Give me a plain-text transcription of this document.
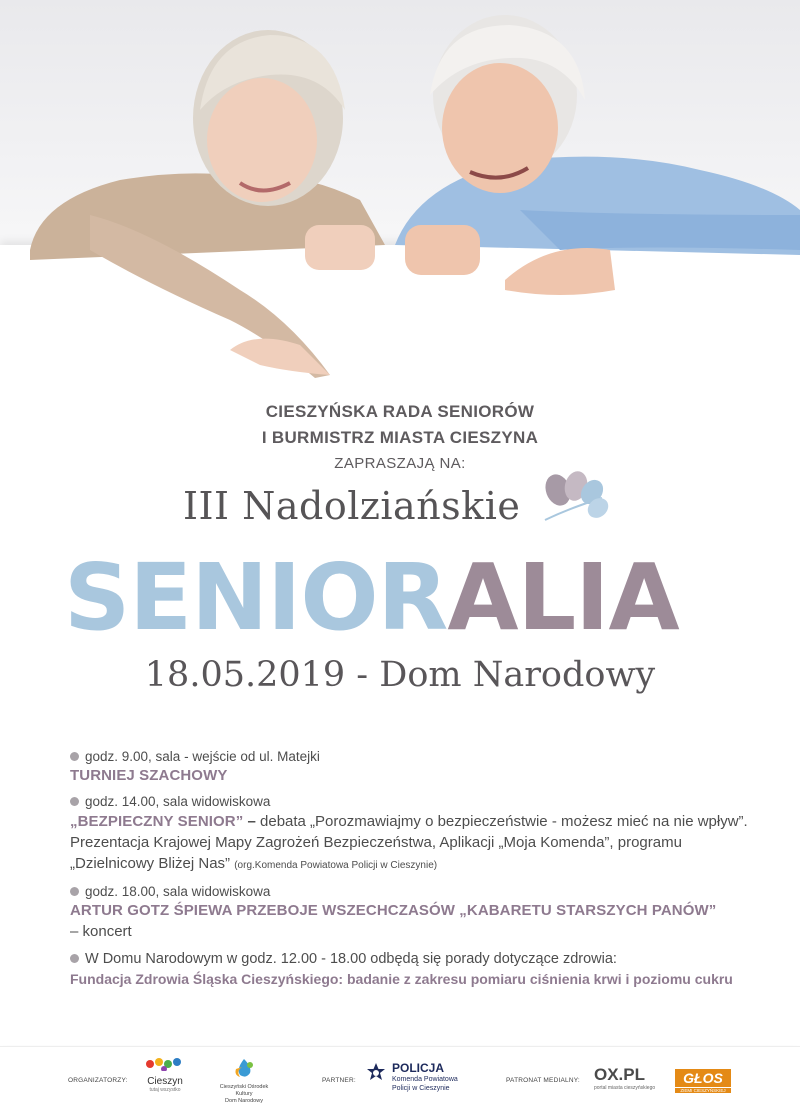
CIESZYŃSKA RADA SENIORÓW
I BURMISTRZ MIASTA CIESZYNA
ZAPRASZAJĄ NA:
III Nadolziańskie
SENIORALIA
18.05.2019 - Dom Narodowy
godz. 9.00, sala - wejście od ul. Matejki
TURNIEJ SZACHOWY
godz. 14.00, sala widowiskowa
„BEZPIECZNY SENIOR” – debata „Porozmawiajmy o bezpieczeństwie - możesz mieć na nie wpływ”. Prezentacja Krajowej Mapy Zagrożeń Bezpieczeństwa, Aplikacji „Moja Komenda”, programu „Dzielnicowy Bliżej Nas” (org.Komenda Powiatowa Policji w Cieszynie)
godz. 18.00, sala widowiskowa
ARTUR GOTZ ŚPIEWA PRZEBOJE WSZECHCZASÓW „KABARETU STARSZYCH PANÓW”
– koncert
W Domu Narodowym w godz. 12.00 - 18.00 odbędą się porady dotyczące zdrowia:
Fundacja Zdrowia Śląska Cieszyńskiego: badanie z zakresu pomiaru ciśnienia krwi i poziomu cukru
ORGANIZATORZY:	Cieszyn
tutaj wszystko	Cieszyński Ośrodek Kultury
Dom Narodowy
PARTNER:
POLICJA
Komenda Powiatowa
Policji w Cieszynie
PATRONAT MEDIALNY: OX.PL
portal miasta cieszyńskiego
GŁOS
ZIEMI CIESZYŃSKIEJ
